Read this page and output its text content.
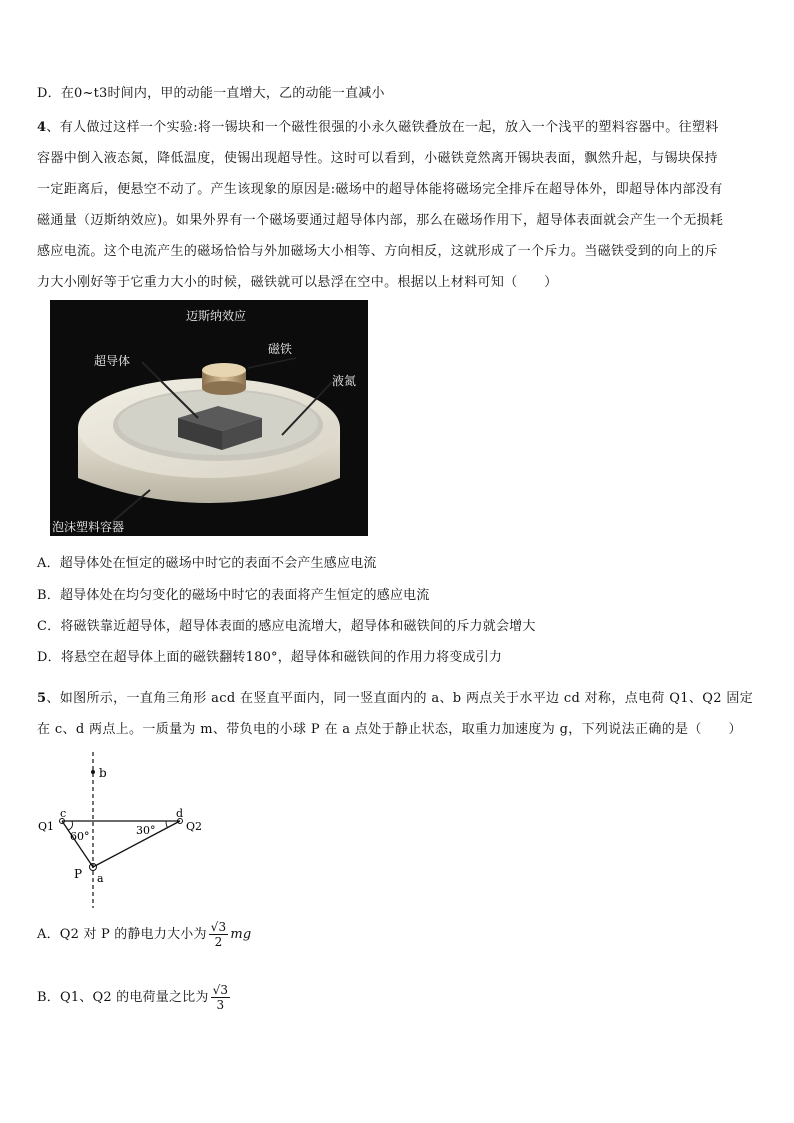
D．在0~t3时间内，甲的动能一直增大，乙的动能一直减小
4、有人做过这样一个实验:将一锡块和一个磁性很强的小永久磁铁叠放在一起，放入一个浅平的塑料容器中。往塑料
容器中倒入液态氮，降低温度，使锡出现超导性。这时可以看到，小磁铁竟然离开锡块表面，飘然升起，与锡块保持
一定距离后，便悬空不动了。产生该现象的原因是:磁场中的超导体能将磁场完全排斥在超导体外，即超导体内部没有
磁通量（迈斯纳效应)。如果外界有一个磁场要通过超导体内部，那么在磁场作用下，超导体表面就会产生一个无损耗
感应电流。这个电流产生的磁场恰恰与外加磁场大小相等、方向相反，这就形成了一个斥力。当磁铁受到的向上的斥
力大小刚好等于它重力大小的时候，磁铁就可以悬浮在空中。根据以上材料可知（　　）
迈斯纳效应
超导体
磁铁
液氮
泡沫塑料容器
A．超导体处在恒定的磁场中时它的表面不会产生感应电流
B．超导体处在均匀变化的磁场中时它的表面将产生恒定的感应电流
C．将磁铁靠近超导体，超导体表面的感应电流增大，超导体和磁铁间的斥力就会增大
D．将悬空在超导体上面的磁铁翻转180°，超导体和磁铁间的作用力将变成引力
5、如图所示，一直角三角形 acd 在竖直平面内，同一竖直面内的 a、b 两点关于水平边 cd 对称，点电荷 Q1、Q2 固定
在 c、d 两点上。一质量为 m、带负电的小球 P 在 a 点处于静止状态，取重力加速度为 g，下列说法正确的是（　　）
b
c	d
Q1	Q2
60°	30°
P a
A．Q2 对 P 的静电力大小为 $\frac{√3}{2}$ mg
B．Q1、Q2 的电荷量之比为 $\frac{√3}{3}$
